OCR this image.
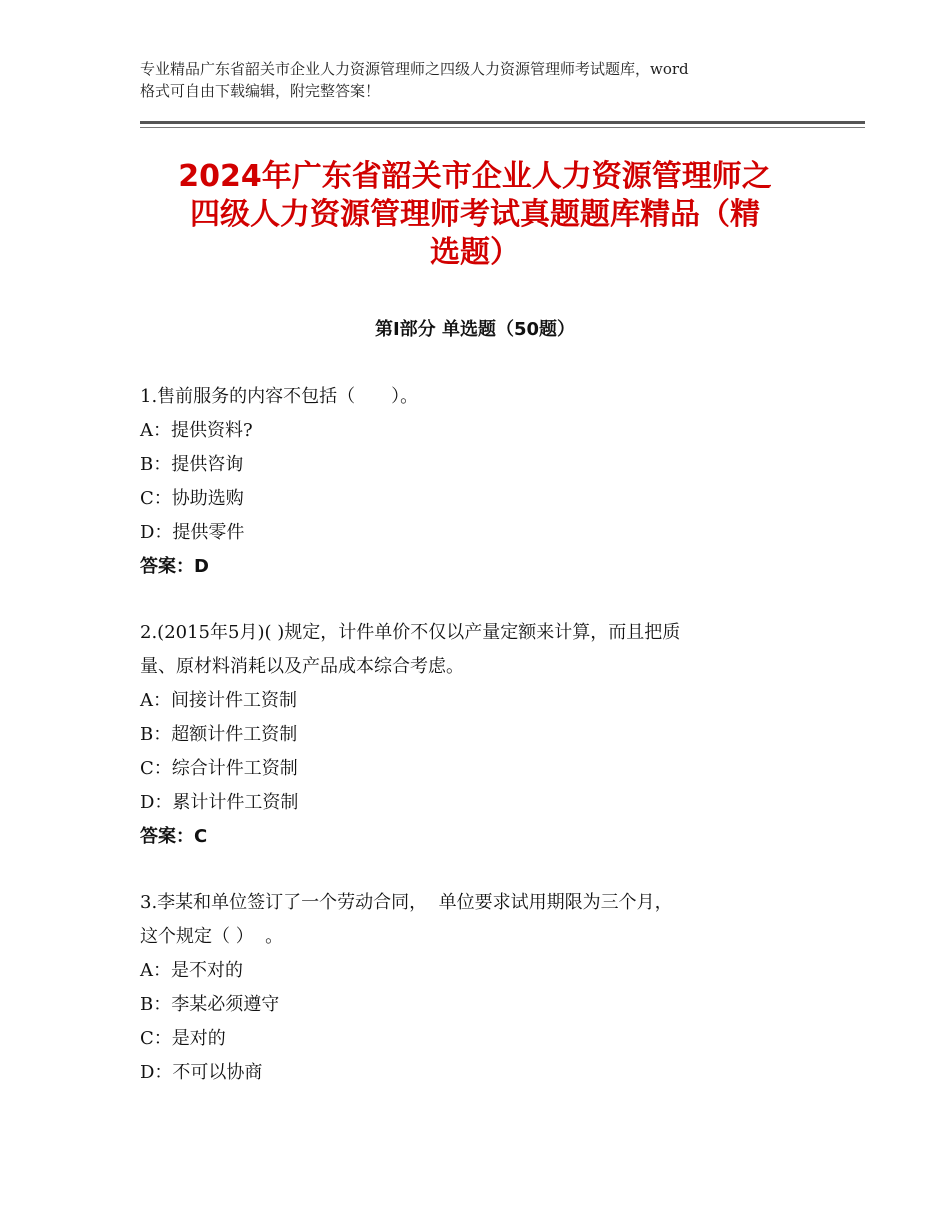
专业精品广东省韶关市企业人力资源管理师之四级人力资源管理师考试题库，word
格式可自由下载编辑，附完整答案！
2024年广东省韶关市企业人力资源管理师之
四级人力资源管理师考试真题题库精品（精
选题）
第Ⅰ部分 单选题（50题）
1.售前服务的内容不包括（　　）。
A：提供资料?
B：提供咨询
C：协助选购
D：提供零件
答案：D
2.(2015年5月)( )规定，计件单价不仅以产量定额来计算，而且把质
量、原材料消耗以及产品成本综合考虑。
A：间接计件工资制
B：超额计件工资制
C：综合计件工资制
D：累计计件工资制
答案：C
3.李某和单位签订了一个劳动合同，  单位要求试用期限为三个月，
这个规定（ ）  。
A：是不对的
B：李某必须遵守
C：是对的
D：不可以协商
